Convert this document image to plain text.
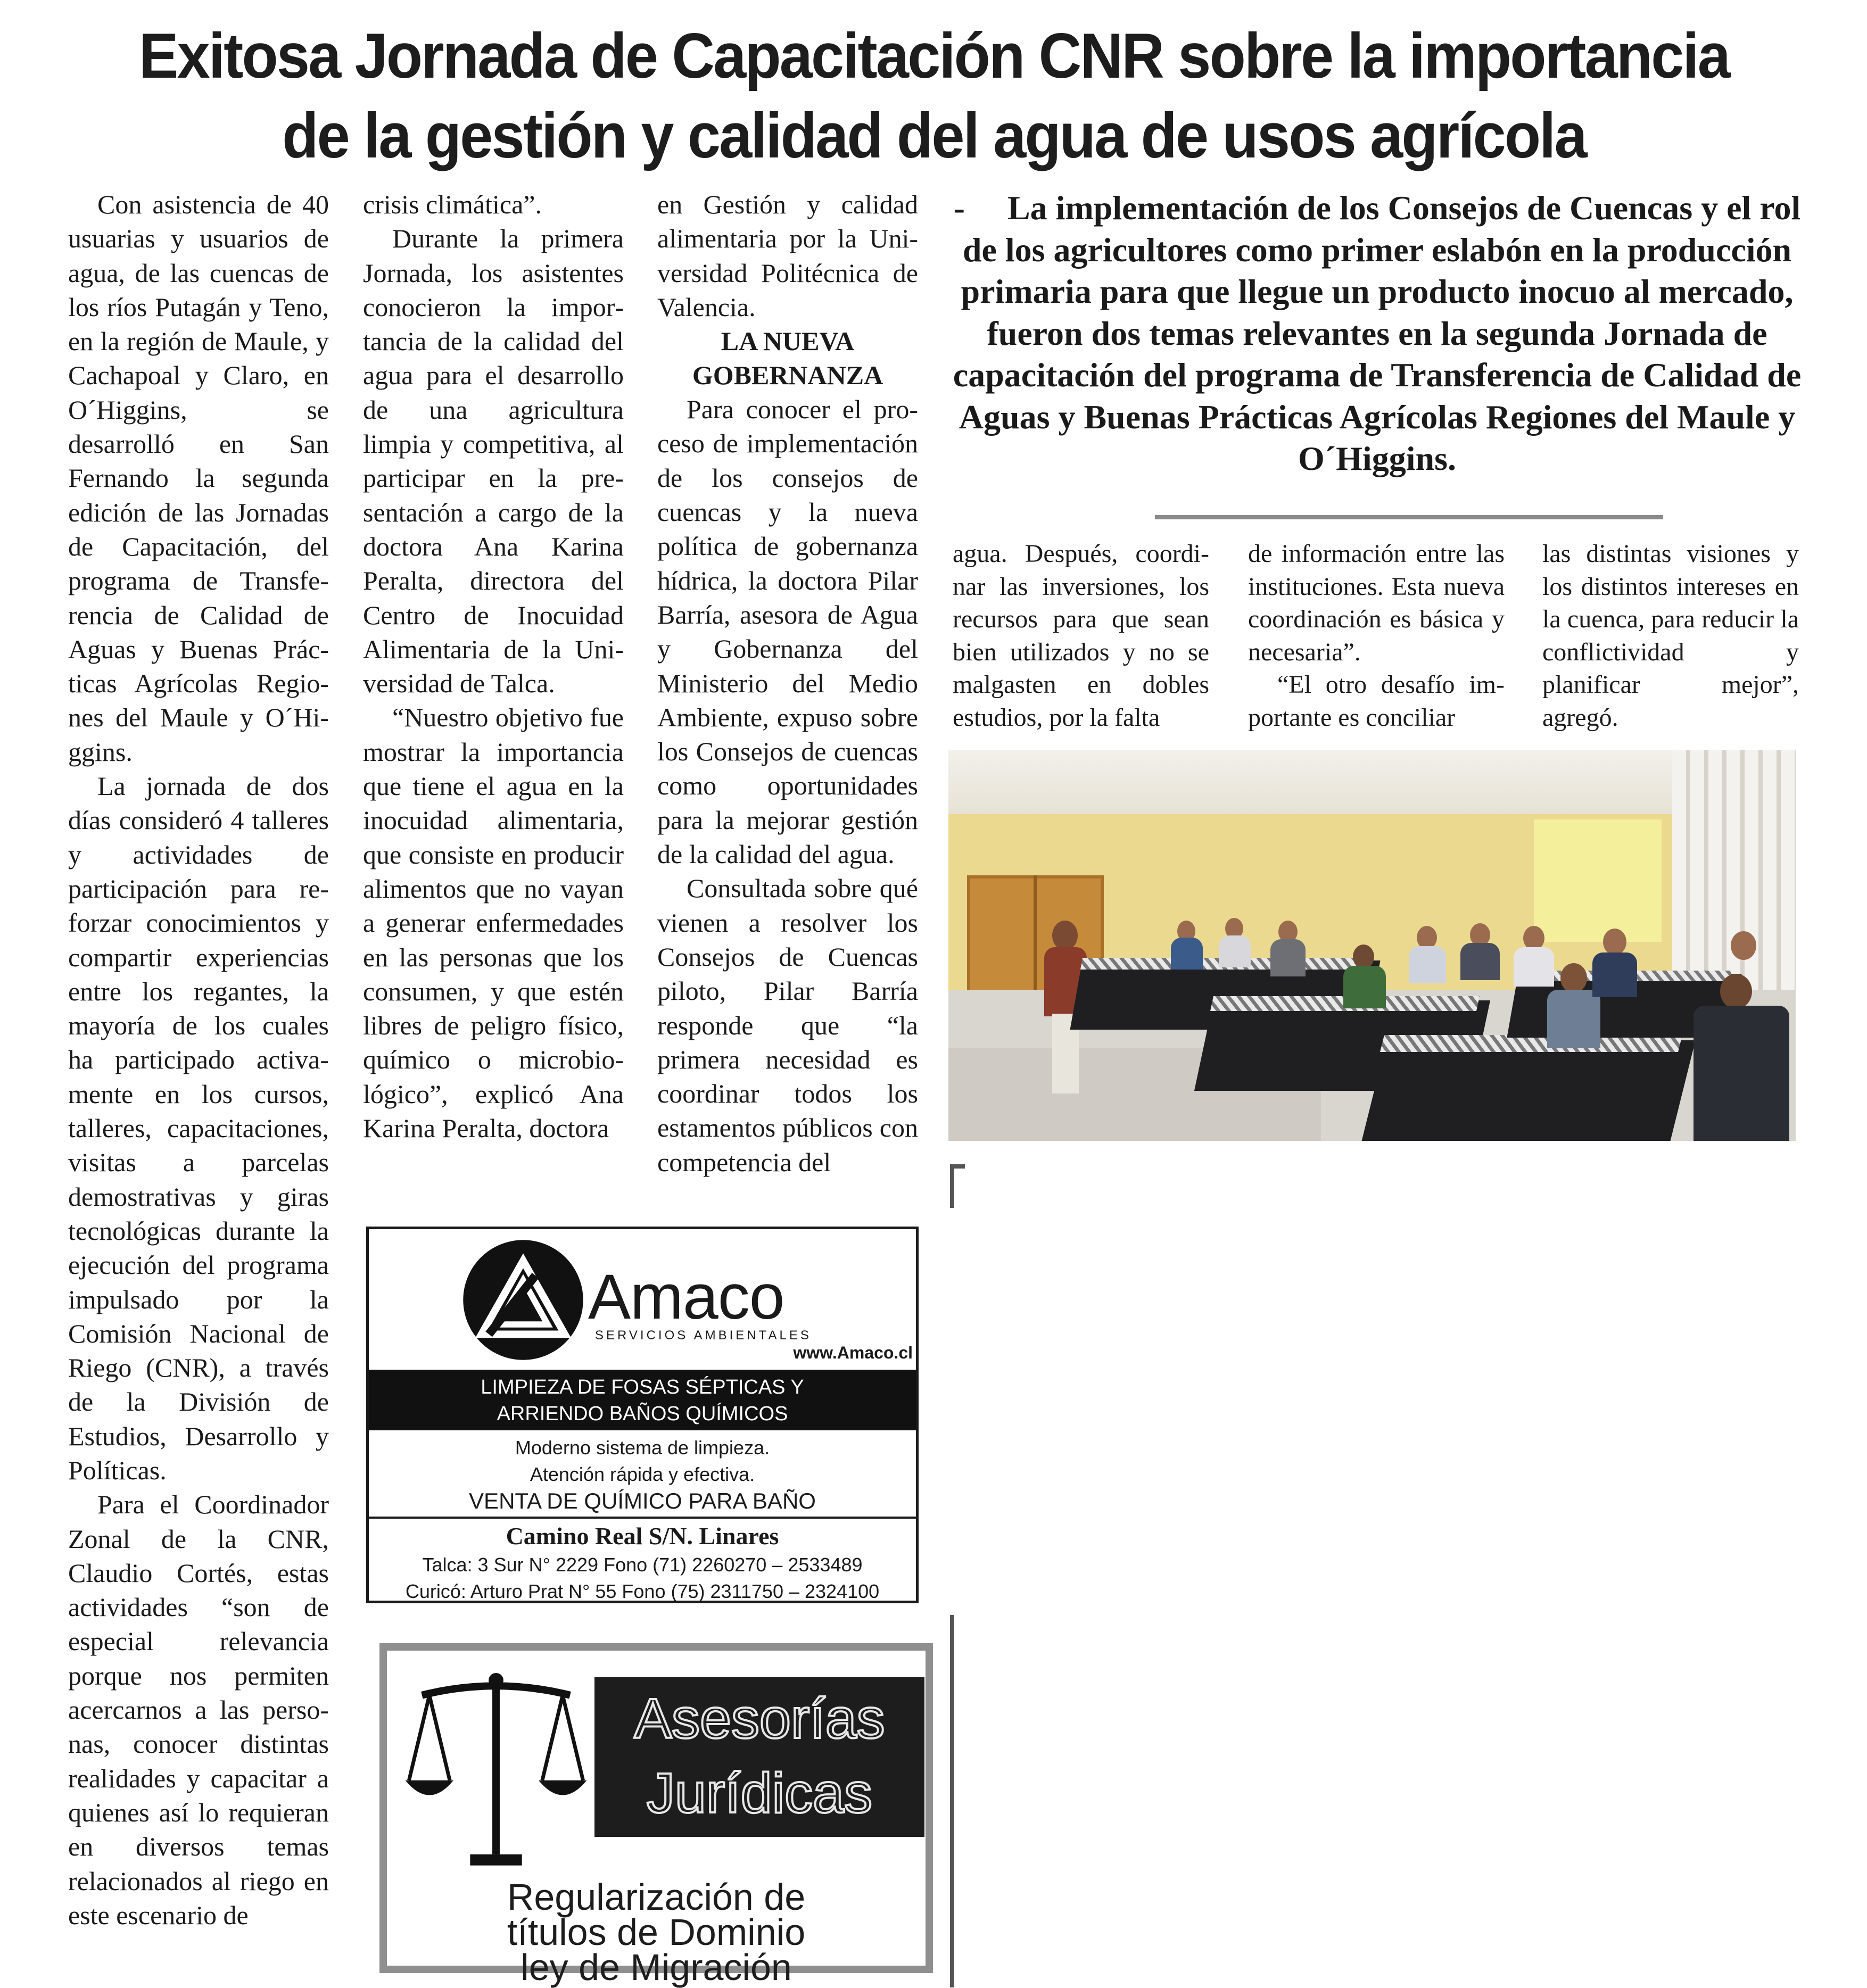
Exitosa Jornada de Capacitación CNR sobre la importancia
de la gestión y calidad del agua de usos agrícola

Con asistencia de 40 usuarias y usuarios de agua, de las cuencas de los ríos Putagán y Teno, en la región de Maule, y Cachapoal y Claro, en O´Higgins, se desarrolló en San Fernando la segunda edición de las Jornadas de Capacitación, del programa de Transferencia de Calidad de Aguas y Buenas Prácticas Agrícolas Regiones del Maule y O´Higgins.

La jornada de dos días consideró 4 talleres y actividades de participación para reforzar conocimientos y compartir experiencias entre los regantes, la mayoría de los cuales ha participado activamente en los cursos, talleres, capacitaciones, visitas a parcelas demostrativas y giras tecnológicas durante la ejecución del programa impulsado por la Comisión Nacional de Riego (CNR), a través de la División de Estudios, Desarrollo y Políticas.

Para el Coordinador Zonal de la CNR, Claudio Cortés, estas actividades “son de especial relevancia porque nos permiten acercarnos a las personas, conocer distintas realidades y capacitar a quienes así lo requieran en diversos temas relacionados al riego en este escenario de

crisis climática”.

Durante la primera Jornada, los asistentes conocieron la importancia de la calidad del agua para el desarrollo de una agricultura limpia y competitiva, al participar en la presentación a cargo de la doctora Ana Karina Peralta, directora del Centro de Inocuidad Alimentaria de la Universidad de Talca.

“Nuestro objetivo fue mostrar la importancia que tiene el agua en la inocuidad alimentaria, que consiste en producir alimentos que no vayan a generar enfermedades en las personas que los consumen, y que estén libres de peligro físico, químico o microbiológico”, explicó Ana Karina Peralta, doctora

en Gestión y calidad alimentaria por la Universidad Politécnica de Valencia.

LA NUEVA
GOBERNANZA

Para conocer el proceso de implementación de los consejos de cuencas y la nueva política de gobernanza hídrica, la doctora Pilar Barría, asesora de Agua y Gobernanza del Ministerio del Medio Ambiente, expuso sobre los Consejos de cuencas como oportunidades para la mejorar gestión de la calidad del agua.

Consultada sobre qué vienen a resolver los Consejos de Cuencas piloto, Pilar Barría responde que “la primera necesidad es coordinar todos los estamentos públicos con competencia del

-     La implementación de los Consejos de Cuencas y el rol de los agricultores como primer eslabón en la producción primaria para que llegue un producto inocuo al mercado, fueron dos temas relevantes en la segunda Jornada de capacitación del programa de Transferencia de Calidad de Aguas y Buenas Prácticas Agrícolas Regiones del Maule y O´Higgins.

agua. Después, coordinar las inversiones, los recursos para que sean bien utilizados y no se malgasten en dobles estudios, por la falta

de información entre las instituciones. Esta nueva coordinación es básica y necesaria”.

“El otro desafío importante es conciliar

las distintas visiones y los distintos intereses en la cuenca, para reducir la conflictividad y planificar mejor”, agregó.

Amaco
SERVICIOS AMBIENTALES
www.Amaco.cl
LIMPIEZA DE FOSAS SÉPTICAS Y
ARRIENDO BAÑOS QUÍMICOS
Moderno sistema de limpieza.
Atención rápida y efectiva.
VENTA DE QUÍMICO PARA BAÑO
Camino Real S/N. Linares
Talca: 3 Sur N° 2229 Fono (71) 2260270 – 2533489
Curicó: Arturo Prat N° 55 Fono (75) 2311750 – 2324100
Asesorías
Jurídicas
Regularización de
títulos de Dominio
ley de Migración
